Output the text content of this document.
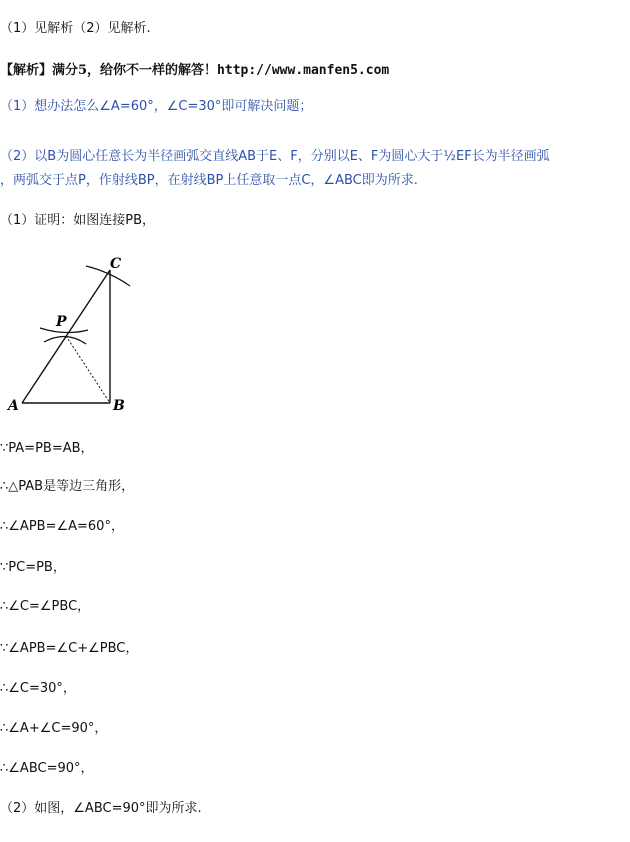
（1）见解析（2）见解析.
【解析】满分5，给你不一样的解答！http://www.manfen5.com
（1）想办法怎么∠A=60°，∠C=30°即可解决问题；
（2）以B为圆心任意长为半径画弧交直线AB于E、F，分别以E、F为圆心大于½EF长为半径画弧
，两弧交于点P，作射线BP，在射线BP上任意取一点C，∠ABC即为所求.
（1）证明：如图连接PB，
A	B
C
P
∵PA=PB=AB，
∴△PAB是等边三角形，
∴∠APB=∠A=60°，
∵PC=PB，
∴∠C=∠PBC，
∵∠APB=∠C+∠PBC，
∴∠C=30°，
∴∠A+∠C=90°，
∴∠ABC=90°，
（2）如图，∠ABC=90°即为所求.
